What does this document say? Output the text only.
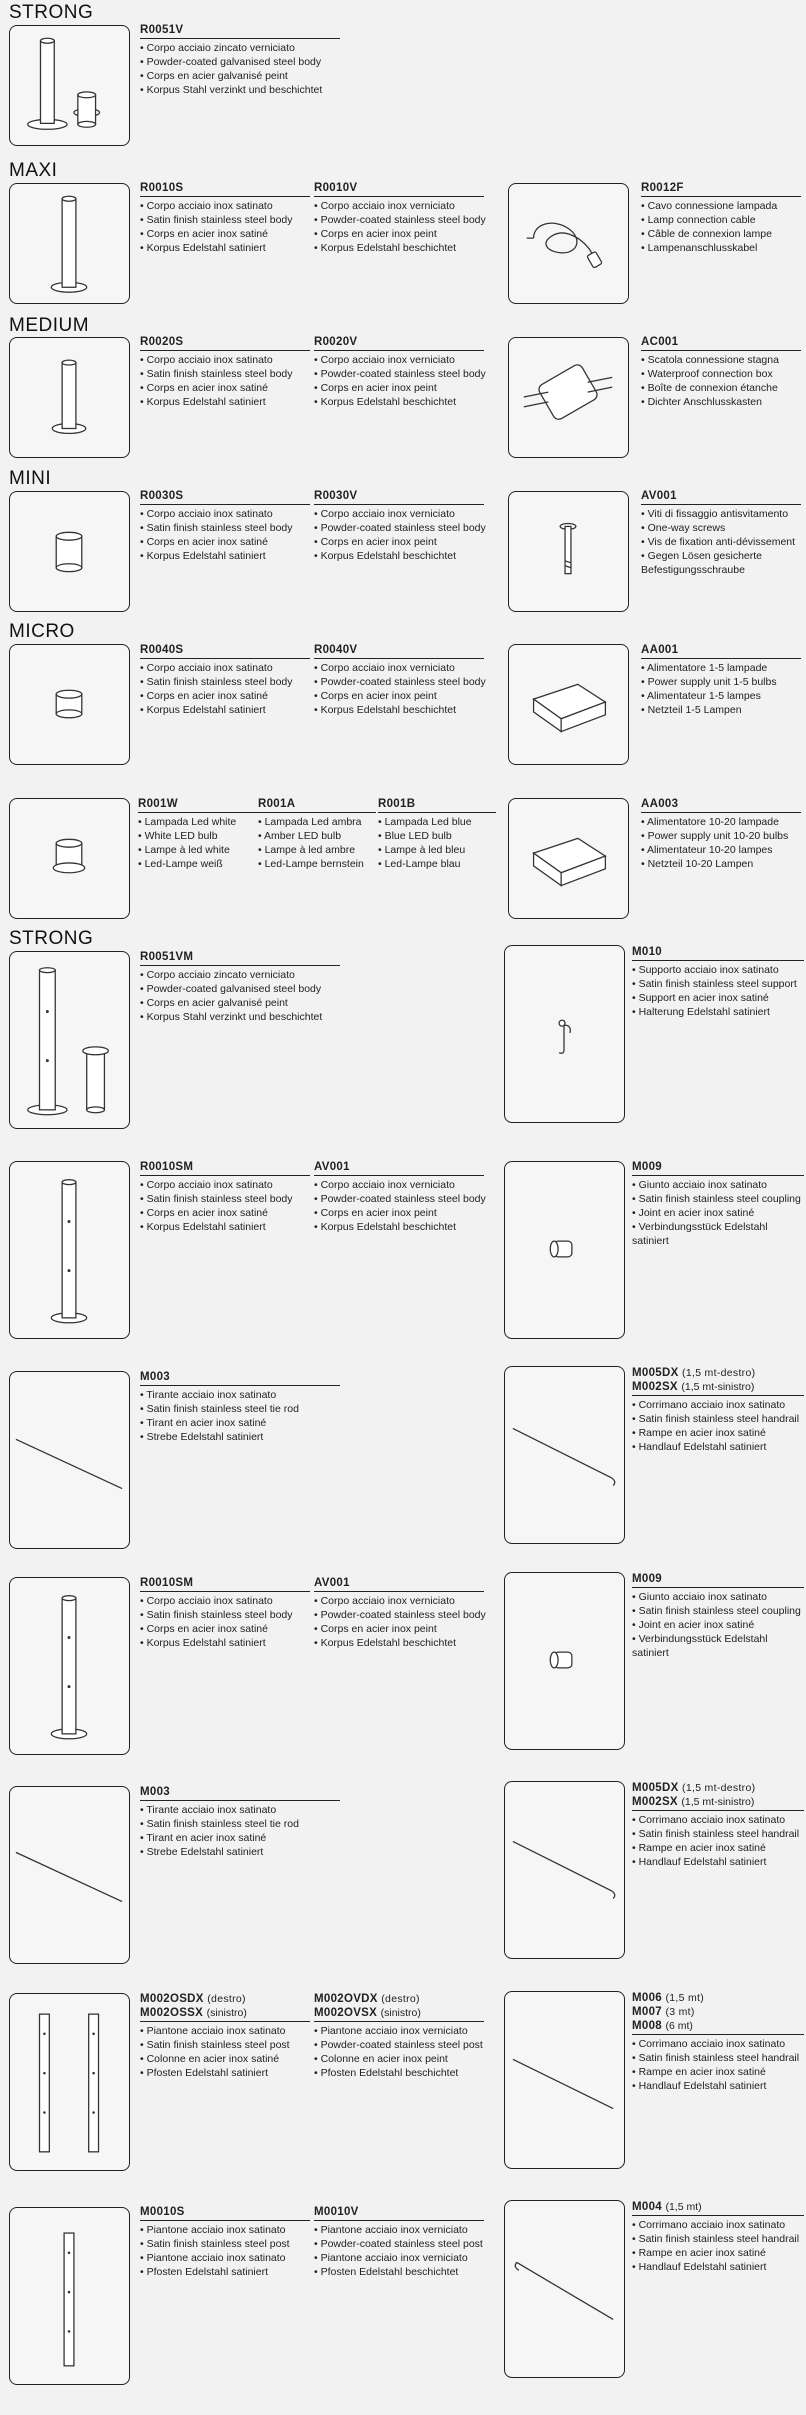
STRONG
MAXI
MEDIUM
MINI
MICRO
STRONG
R0051V
• Corpo acciaio zincato verniciato
• Powder-coated galvanised steel body
• Corps en acier galvanisé peint
• Korpus Stahl verzinkt und beschichtet
R0010S
• Corpo acciaio inox satinato
• Satin finish stainless steel body
• Corps en acier inox satiné
• Korpus Edelstahl satiniert
R0010V
• Corpo acciaio inox verniciato
• Powder-coated stainless steel body
• Corps en acier inox peint
• Korpus Edelstahl beschichtet
R0012F
• Cavo connessione lampada
• Lamp connection cable
• Câble de connexion lampe
• Lampenanschlusskabel
R0020S
• Corpo acciaio inox satinato
• Satin finish stainless steel body
• Corps en acier inox satiné
• Korpus Edelstahl satiniert
R0020V
• Corpo acciaio inox verniciato
• Powder-coated stainless steel body
• Corps en acier inox peint
• Korpus Edelstahl beschichtet
AC001
• Scatola connessione stagna
• Waterproof connection box
• Boîte de connexion étanche
• Dichter Anschlusskasten
R0030S
• Corpo acciaio inox satinato
• Satin finish stainless steel body
• Corps en acier inox satiné
• Korpus Edelstahl satiniert
R0030V
• Corpo acciaio inox verniciato
• Powder-coated stainless steel body
• Corps en acier inox peint
• Korpus Edelstahl beschichtet
AV001
• Viti di fissaggio antisvitamento
• One-way screws
• Vis de fixation anti-dévissement
• Gegen Lösen gesicherte Befestigungsschraube
R0040S
• Corpo acciaio inox satinato
• Satin finish stainless steel body
• Corps en acier inox satiné
• Korpus Edelstahl satiniert
R0040V
• Corpo acciaio inox verniciato
• Powder-coated stainless steel body
• Corps en acier inox peint
• Korpus Edelstahl beschichtet
AA001
• Alimentatore 1-5 lampade
• Power supply unit 1-5 bulbs
• Alimentateur 1-5 lampes
• Netzteil 1-5 Lampen
R001W
• Lampada Led white
• White LED bulb
• Lampe à led white
• Led-Lampe weiß
R001A
• Lampada Led ambra
• Amber LED bulb
• Lampe à led ambre
• Led-Lampe bernstein
R001B
• Lampada Led blue
• Blue LED bulb
• Lampe à led bleu
• Led-Lampe blau
AA003
• Alimentatore 10-20 lampade
• Power supply unit 10-20 bulbs
• Alimentateur 10-20 lampes
• Netzteil 10-20 Lampen
R0051VM
• Corpo acciaio zincato verniciato
• Powder-coated galvanised steel body
• Corps en acier galvanisé peint
• Korpus Stahl verzinkt und beschichtet
M010
• Supporto acciaio inox satinato
• Satin finish stainless steel support
• Support en acier inox satiné
• Halterung Edelstahl satiniert
R0010SM
• Corpo acciaio inox satinato
• Satin finish stainless steel body
• Corps en acier inox satiné
• Korpus Edelstahl satiniert
AV001
• Corpo acciaio inox verniciato
• Powder-coated stainless steel body
• Corps en acier inox peint
• Korpus Edelstahl beschichtet
M009
• Giunto acciaio inox satinato
• Satin finish stainless steel coupling
• Joint en acier inox satiné
• Verbindungsstück Edelstahl satiniert
M003
• Tirante acciaio inox satinato
• Satin finish stainless steel tie rod
• Tirant en acier inox satiné
• Strebe Edelstahl satiniert
M005DX (1,5 mt-destro)
M002SX (1,5 mt-sinistro)
• Corrimano acciaio inox satinato
• Satin finish stainless steel handrail
• Rampe en acier inox satiné
• Handlauf Edelstahl satiniert
R0010SM
• Corpo acciaio inox satinato
• Satin finish stainless steel body
• Corps en acier inox satiné
• Korpus Edelstahl satiniert
AV001
• Corpo acciaio inox verniciato
• Powder-coated stainless steel body
• Corps en acier inox peint
• Korpus Edelstahl beschichtet
M009
• Giunto acciaio inox satinato
• Satin finish stainless steel coupling
• Joint en acier inox satiné
• Verbindungsstück Edelstahl satiniert
M003
• Tirante acciaio inox satinato
• Satin finish stainless steel tie rod
• Tirant en acier inox satiné
• Strebe Edelstahl satiniert
M005DX (1,5 mt-destro)
M002SX (1,5 mt-sinistro)
• Corrimano acciaio inox satinato
• Satin finish stainless steel handrail
• Rampe en acier inox satiné
• Handlauf Edelstahl satiniert
M002OSDX (destro)
M002OSSX (sinistro)
• Piantone acciaio inox satinato
• Satin finish stainless steel post
• Colonne en acier inox satiné
• Pfosten Edelstahl satiniert
M002OVDX (destro)
M002OVSX (sinistro)
• Piantone acciaio inox verniciato
• Powder-coated stainless steel post
• Colonne en acier inox peint
• Pfosten Edelstahl beschichtet
M006 (1,5 mt)
M007 (3 mt)
M008 (6 mt)
• Corrimano acciaio inox satinato
• Satin finish stainless steel handrail
• Rampe en acier inox satiné
• Handlauf Edelstahl satiniert
M0010S
• Piantone acciaio inox satinato
• Satin finish stainless steel post
• Piantone acciaio inox satinato
• Pfosten Edelstahl satiniert
M0010V
• Piantone acciaio inox verniciato
• Powder-coated stainless steel post
• Piantone acciaio inox verniciato
• Pfosten Edelstahl beschichtet
M004 (1,5 mt)
• Corrimano acciaio inox satinato
• Satin finish stainless steel handrail
• Rampe en acier inox satiné
• Handlauf Edelstahl satiniert
